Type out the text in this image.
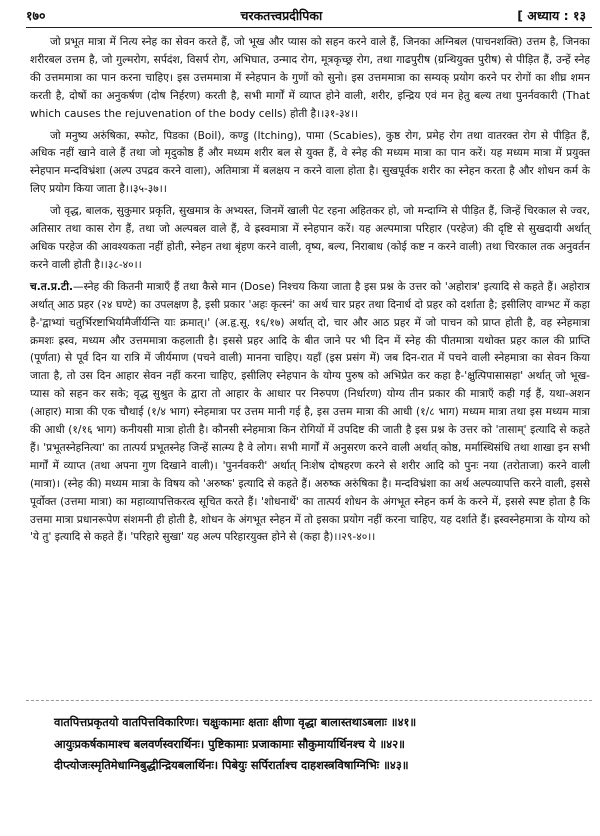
१७०	चरकतत्त्वप्रदीपिका	[ अध्याय : १३

जो प्रभूत मात्रा में नित्य स्नेह का सेवन करते हैं, जो भूख और प्यास को सहन करने वाले हैं, जिनका अग्निबल (पाचनशक्ति) उत्तम है, जिनका शरीरबल उत्तम है, जो गुल्मरोग, सर्पदंश, विसर्प रोग, अभिघात, उन्माद रोग, मूत्रकृच्छ्र रोग, तथा गाढपुरीष (ग्रन्थियुक्त पुरीष) से पीड़ित हैं, उन्हें स्नेह की उत्तममात्रा का पान करना चाहिए। इस उत्तममात्रा में स्नेहपान के गुणों को सुनो। इस उत्तममात्रा का सम्यक् प्रयोग करने पर रोगों का शीघ्र शमन करती है, दोषों का अनुकर्षण (दोष निर्हरण) करती है, सभी मार्गों में व्याप्त होने वाली, शरीर, इन्द्रिय एवं मन हेतु बल्य तथा पुनर्नवकारी (That which causes the rejuvenation of the body cells) होती है।।३१-३४।।

जो मनुष्य अरुंषिका, स्फोट, पिडका (Boil), कण्डु (Itching), पामा (Scabies), कुष्ठ रोग, प्रमेह रोग तथा वातरक्त रोग से पीड़ित हैं, अधिक नहीं खाने वाले हैं तथा जो मृदुकोष्ठ हैं और मध्यम शरीर बल से युक्त हैं, वे स्नेह की मध्यम मात्रा का पान करें। यह मध्यम मात्रा में प्रयुक्त स्नेहपान मन्दविभ्रंशा (अल्प उपद्रव करने वाला), अतिमात्रा में बलक्षय न करने वाला होता है। सुखपूर्वक शरीर का स्नेहन करता है और शोधन कर्म के लिए प्रयोग किया जाता है।।३५-३७।।

जो वृद्ध, बालक, सुकुमार प्रकृति, सुखमात्र के अभ्यस्त, जिनमें खाली पेट रहना अहितकर हो, जो मन्दाग्नि से पीड़ित हैं, जिन्हें चिरकाल से ज्वर, अतिसार तथा कास रोग हैं, तथा जो अल्पबल वाले हैं, वे ह्रस्वमात्रा में स्नेहपान करें। यह अल्पमात्रा परिहार (परहेज) की दृष्टि से सुखदायी अर्थात् अधिक परहेज की आवश्यकता नहीं होती, स्नेहन तथा बृंहण करने वाली, वृष्य, बल्य, निराबाध (कोई कष्ट न करने वाली) तथा चिरकाल तक अनुवर्तन करने वाली होती है।।३८-४०।।

च.त.प्र.टी.—स्नेह की कितनी मात्राएँ हैं तथा कैसे मान (Dose) निश्चय किया जाता है इस प्रश्न के उत्तर को 'अहोरात्र' इत्यादि से कहते हैं। अहोरात्र अर्थात् आठ प्रहर (२४ घण्टे) का उपलक्षण है, इसी प्रकार 'अहः कृत्स्नं' का अर्थ चार प्रहर तथा दिनार्ध दो प्रहर को दर्शाता है; इसीलिए वाग्भट में कहा है-'द्वाभ्यां चतुर्भिरष्टाभिर्यामैर्जीर्यन्ति याः क्रमात्।' (अ.हृ.सू. १६/१७) अर्थात् दो, चार और आठ प्रहर में जो पाचन को प्राप्त होती है, वह स्नेहमात्रा क्रमशः ह्रस्व, मध्यम और उत्तममात्रा कहलाती है। इससे प्रहर आदि के बीत जाने पर भी दिन में स्नेह की पीतमात्रा यथोक्त प्रहर काल की प्राप्ति (पूर्णता) से पूर्व दिन या रात्रि में जीर्यमाण (पचने वाली) मानना चाहिए। यहाँ (इस प्रसंग में) जब दिन-रात में पचने वाली स्नेहमात्रा का सेवन किया जाता है, तो उस दिन आहार सेवन नहीं करना चाहिए, इसीलिए स्नेहपान के योग्य पुरुष को अभिप्रेत कर कहा है-'क्षुत्पिपासासहा' अर्थात् जो भूख-प्यास को सहन कर सके; वृद्ध सुश्रुत के द्वारा तो आहार के आधार पर निरुपण (निर्धारण) योग्य तीन प्रकार की मात्राएँ कही गई हैं, यथा-अशन (आहार) मात्रा की एक चौथाई (१/४ भाग) स्नेहमात्रा पर उत्तम मानी गई है, इस उत्तम मात्रा की आधी (१/८ भाग) मध्यम मात्रा तथा इस मध्यम मात्रा की आधी (१/१६ भाग) कनीयसी मात्रा होती है। कौनसी स्नेहमात्रा किन रोगियों में उपदिष्ट की जाती है इस प्रश्न के उत्तर को 'तासाम्' इत्यादि से कहते हैं। 'प्रभूतस्नेहनित्या' का तात्पर्य प्रभूतस्नेह जिन्हें सात्म्य है वे लोग। सभी मार्गों में अनुसरण करने वाली अर्थात् कोष्ठ, मर्मास्थिसंधि तथा शाखा इन सभी मार्गों में व्याप्त (तथा अपना गुण दिखाने वाली)। 'पुनर्नवकरी' अर्थात् निःशेष दोषहरण करने से शरीर आदि को पुनः नया (तरोताजा) करने वाली (मात्रा)। (स्नेह की) मध्यम मात्रा के विषय को 'अरुष्क' इत्यादि से कहते हैं। अरुष्क अरुंषिका है। मन्दविभ्रंशा का अर्थ अल्पव्यापत्ति करने वाली, इससे पूर्वोक्त (उत्तमा मात्रा) का महाव्यापत्तिकरत्व सूचित करते हैं। 'शोधनार्थे' का तात्पर्य शोधन के अंगभूत स्नेहन कर्म के करने में, इससे स्पष्ट होता है कि उत्तमा मात्रा प्रधानरूपेण संशमनी ही होती है, शोधन के अंगभूत स्नेहन में तो इसका प्रयोग नहीं करना चाहिए, यह दर्शाते हैं। ह्रस्वस्नेहमात्रा के योग्य को 'ये तु' इत्यादि से कहते हैं। 'परिहारे सुखा' यह अल्प परिहारयुक्त होने से (कहा है)।।२९-४०।।

वातपित्तप्रकृतयो वातपित्तविकारिणः। चक्षुःकामाः क्षताः क्षीणा वृद्धा बालास्तथाऽबलाः ॥४१॥
आयुःप्रकर्षकामाश्च बलवर्णस्वरार्थिनः। पुष्टिकामाः प्रजाकामाः सौकुमार्यार्थिनश्च ये ॥४२॥
दीप्त्योजःस्मृतिमेधाग्निबुद्धीन्द्रियबलार्थिनः। पिबेयुः सर्पिरार्ताश्च दाहशस्त्रविषाग्निभिः ॥४३॥
